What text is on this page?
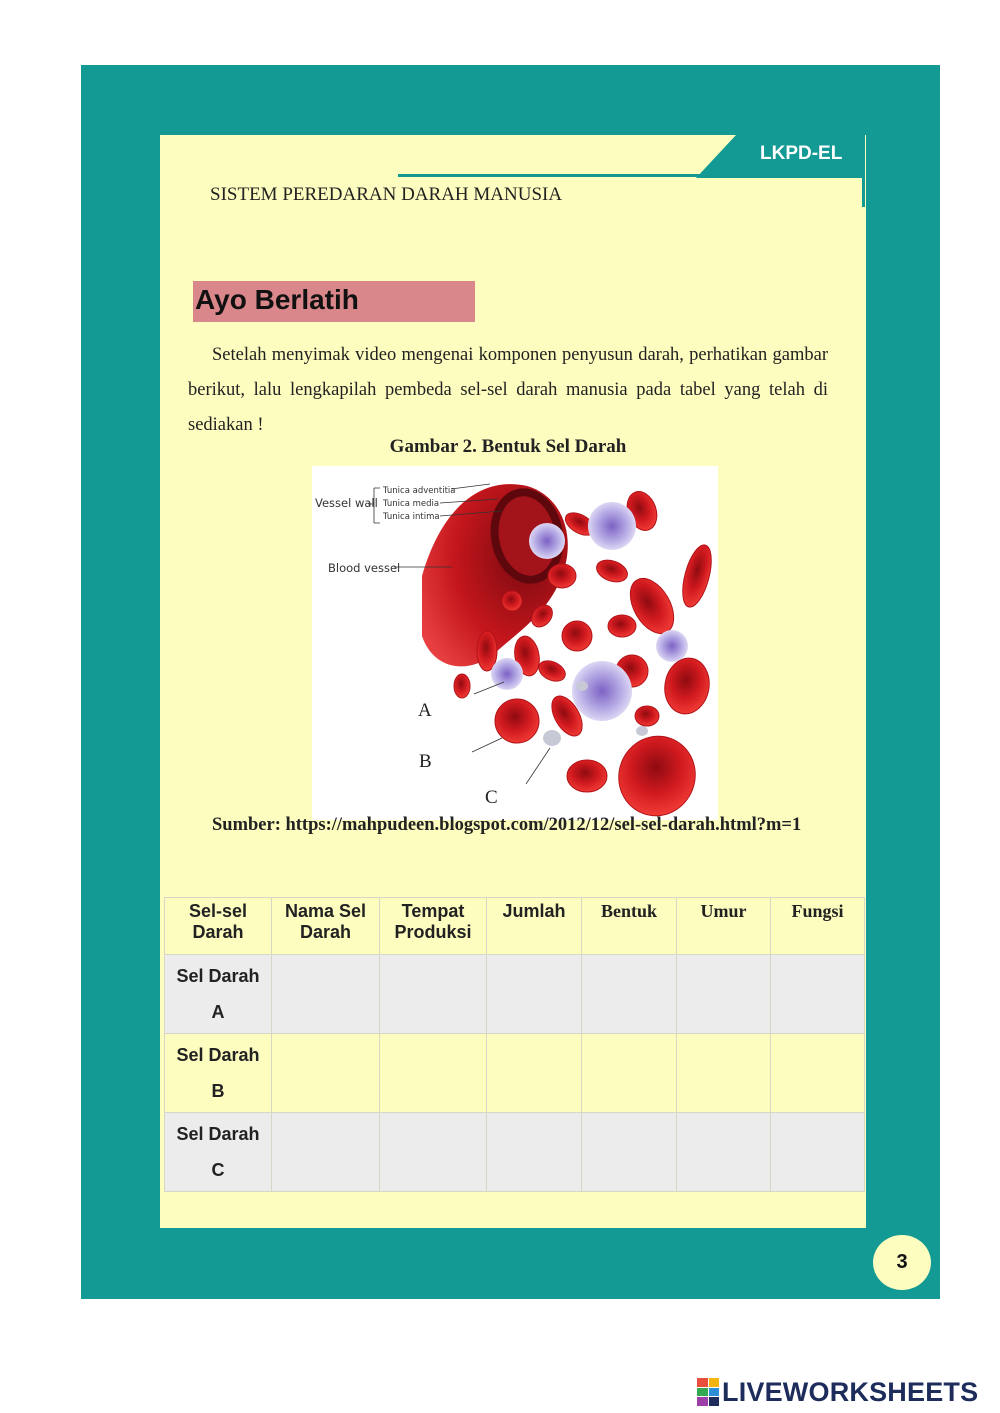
LKPD-EL
SISTEM PEREDARAN DARAH MANUSIA
Ayo Berlatih
Setelah menyimak video mengenai komponen penyusun darah, perhatikan gambar berikut, lalu lengkapilah pembeda sel-sel darah manusia pada tabel yang telah di sediakan !
Gambar 2. Bentuk Sel Darah
Vessel wall
Tunica adventitia
Tunica media
Tunica intima
Blood vessel
A
B
C
Sumber: https://mahpudeen.blogspot.com/2012/12/sel-sel-darah.html?m=1
Sel-sel Darah	Nama Sel Darah	Tempat Produksi	Jumlah	Bentuk	Umur	Fungsi
Sel Darah
A						
Sel Darah
B						
Sel Darah
C						
3
LIVEWORKSHEETS
